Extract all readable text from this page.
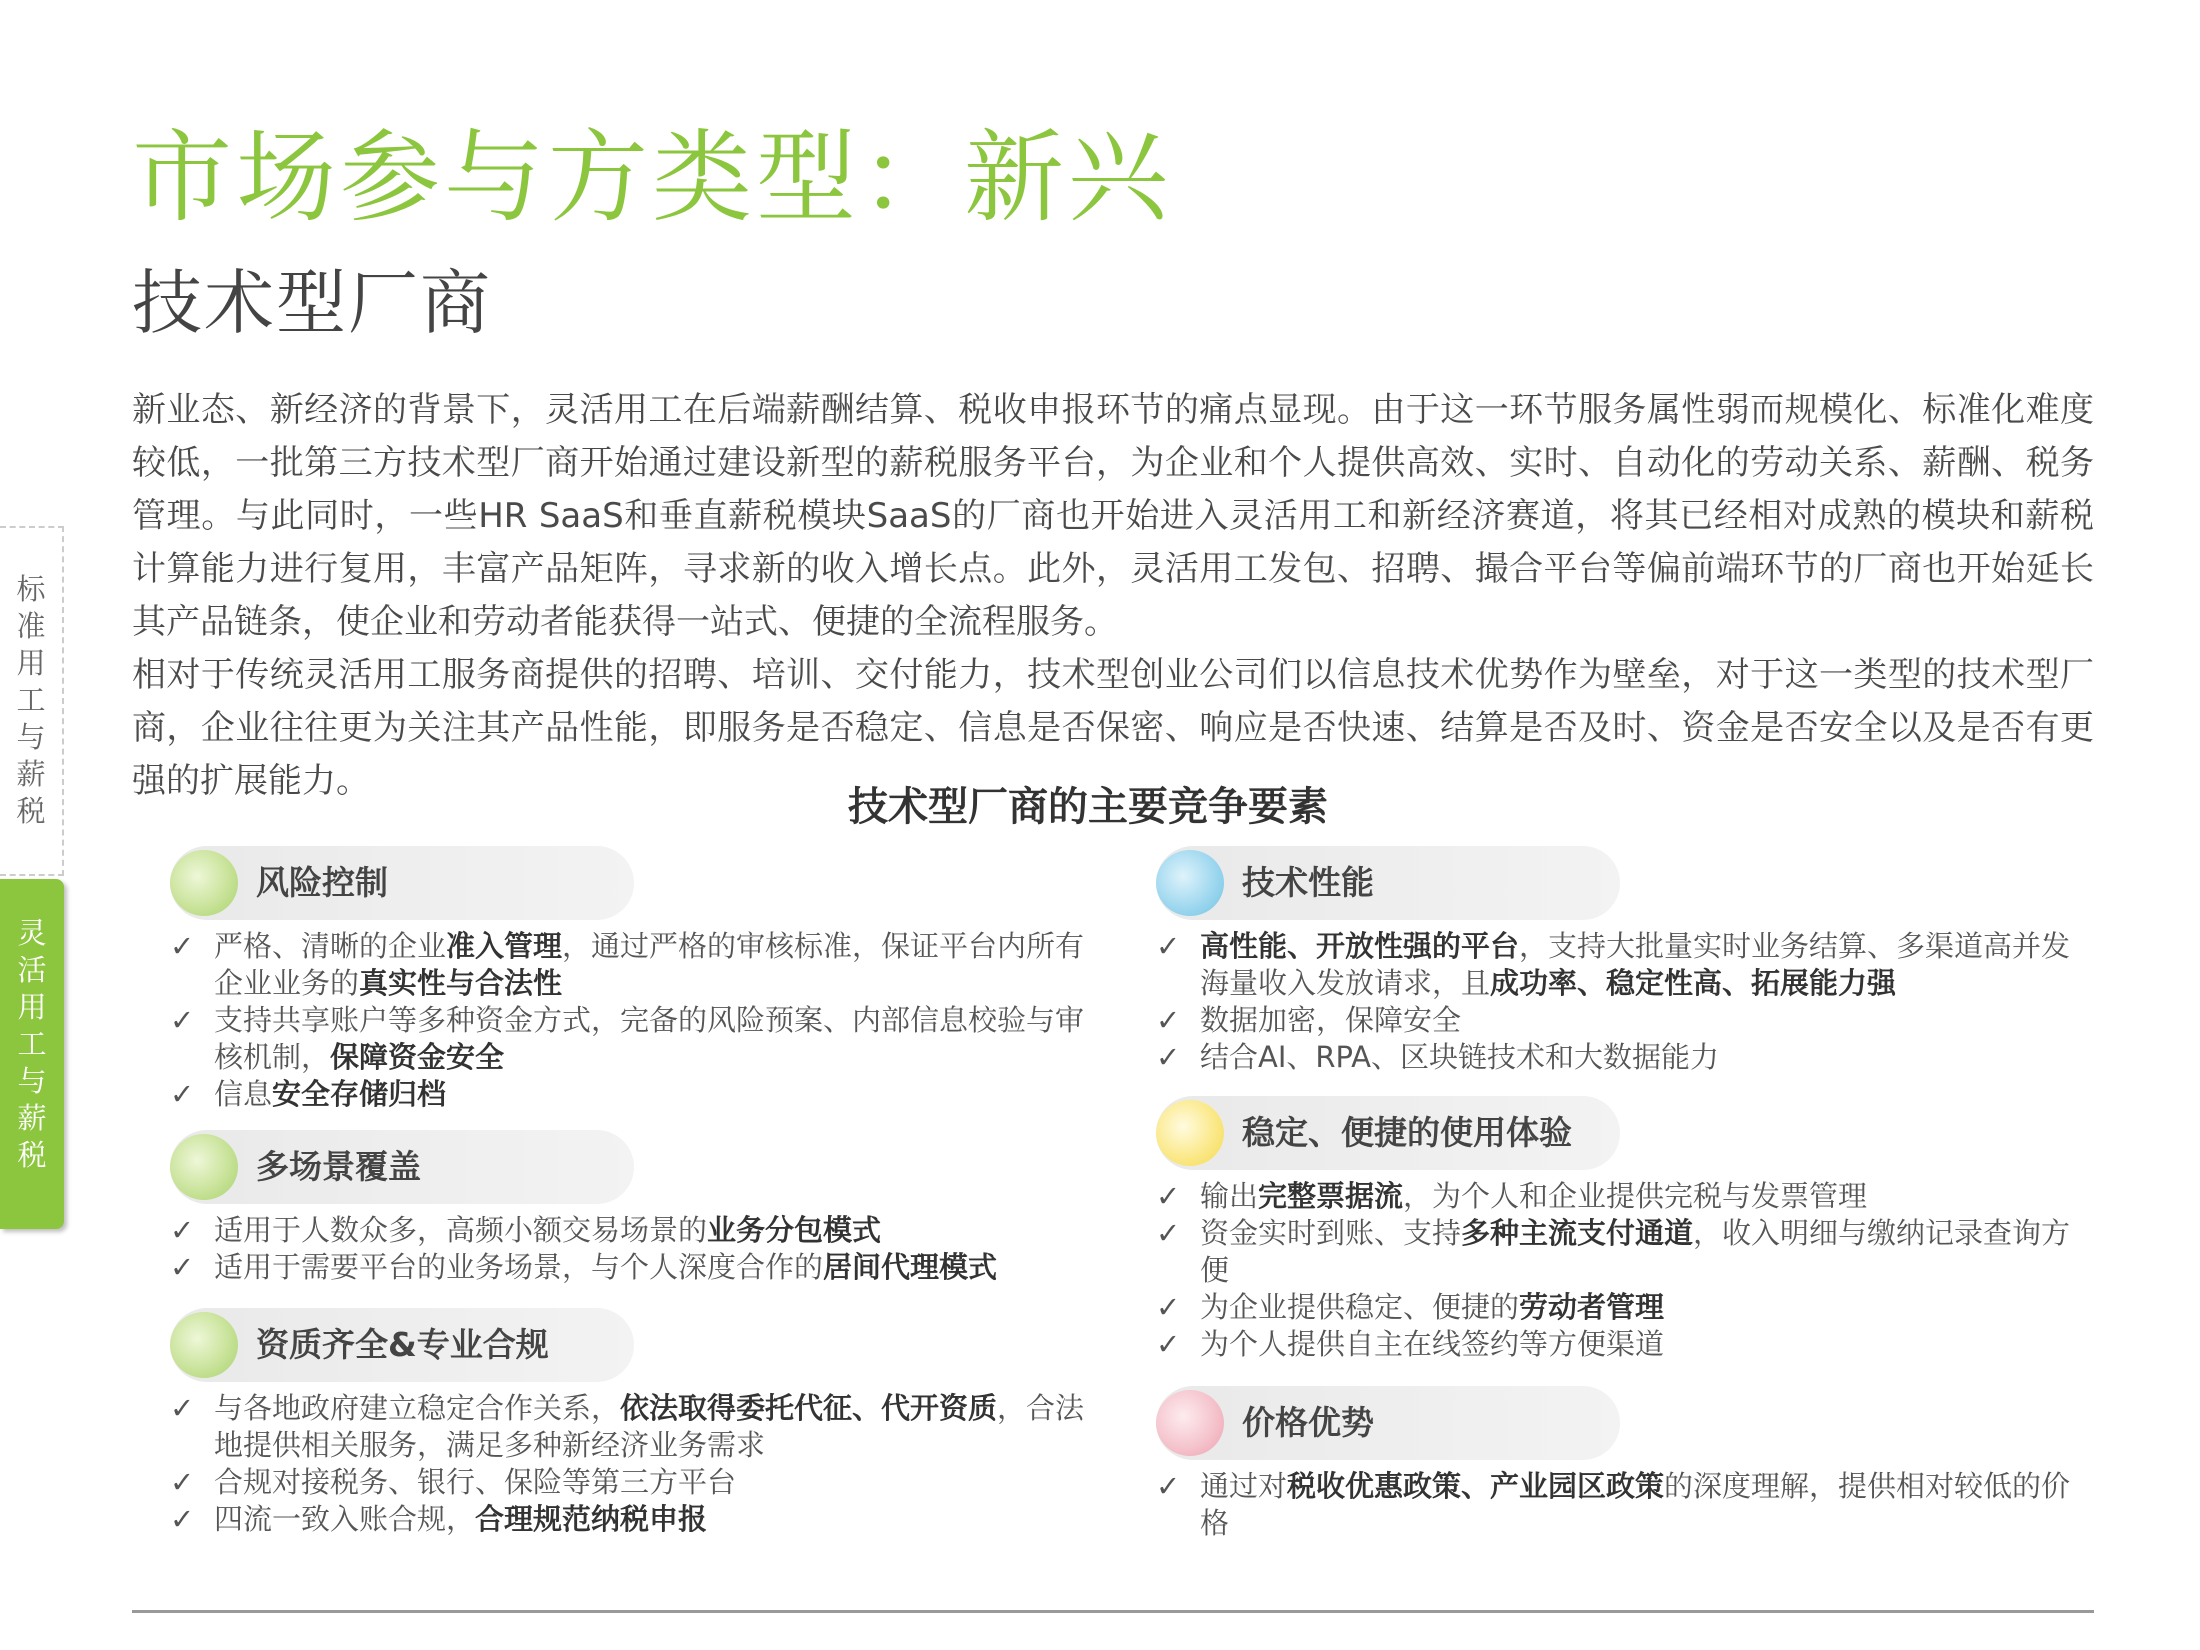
市场参与方类型：新兴
技术型厂商

新业态、新经济的背景下，灵活用工在后端薪酬结算、税收申报环节的痛点显现。由于这一环节服务属性弱而规模化、标准化难度较低，一批第三方技术型厂商开始通过建设新型的薪税服务平台，为企业和个人提供高效、实时、自动化的劳动关系、薪酬、税务管理。与此同时，一些HR SaaS和垂直薪税模块SaaS的厂商也开始进入灵活用工和新经济赛道，将其已经相对成熟的模块和薪税计算能力进行复用，丰富产品矩阵，寻求新的收入增长点。此外，灵活用工发包、招聘、撮合平台等偏前端环节的厂商也开始延长其产品链条，使企业和劳动者能获得一站式、便捷的全流程服务。

相对于传统灵活用工服务商提供的招聘、培训、交付能力，技术型创业公司们以信息技术优势作为壁垒，对于这一类型的技术型厂商，企业往往更为关注其产品性能，即服务是否稳定、信息是否保密、响应是否快速、结算是否及时、资金是否安全以及是否有更强的扩展能力。

技术型厂商的主要竞争要素
标
准
用
工
与
薪
税
灵
活
用
工
与
薪
税
风险控制
✓ 严格、清晰的企业准入管理，通过严格的审核标准，保证平台内所有企业业务的真实性与合法性
✓ 支持共享账户等多种资金方式，完备的风险预案、内部信息校验与审核机制，保障资金安全
✓ 信息安全存储归档
多场景覆盖
✓ 适用于人数众多，高频小额交易场景的业务分包模式
✓ 适用于需要平台的业务场景，与个人深度合作的居间代理模式
资质齐全&专业合规
✓ 与各地政府建立稳定合作关系，依法取得委托代征、代开资质，合法地提供相关服务，满足多种新经济业务需求
✓ 合规对接税务、银行、保险等第三方平台
✓ 四流一致入账合规，合理规范纳税申报
技术性能
✓ 高性能、开放性强的平台，支持大批量实时业务结算、多渠道高并发海量收入发放请求，且成功率、稳定性高、拓展能力强
✓ 数据加密，保障安全
✓ 结合AI、RPA、区块链技术和大数据能力
稳定、便捷的使用体验
✓ 输出完整票据流，为个人和企业提供完税与发票管理
✓ 资金实时到账、支持多种主流支付通道，收入明细与缴纳记录查询方便
✓ 为企业提供稳定、便捷的劳动者管理
✓ 为个人提供自主在线签约等方便渠道
价格优势
✓ 通过对税收优惠政策、产业园区政策的深度理解，提供相对较低的价格
